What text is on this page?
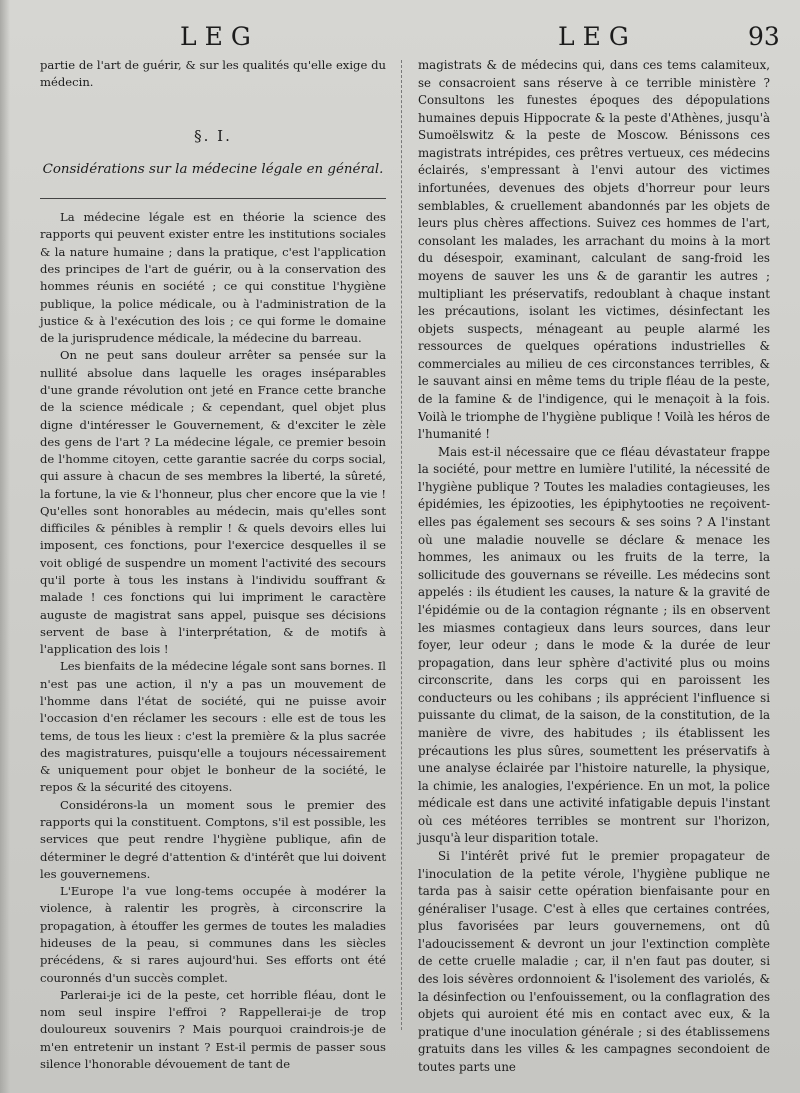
LEG	LEG	93

partie de l'art de guérir, & sur les qualités qu'elle exige du médecin.

§. I.
Considérations sur la médecine légale en général.

La médecine légale est en théorie la science des rapports qui peuvent exister entre les institutions sociales & la nature humaine ; dans la pratique, c'est l'application des principes de l'art de guérir, ou à la conservation des hommes réunis en société ; ce qui constitue l'hygiène publique, la police médicale, ou à l'administration de la justice & à l'exécution des lois ; ce qui forme le domaine de la jurisprudence médicale, la médecine du barreau.

On ne peut sans douleur arrêter sa pensée sur la nullité absolue dans laquelle les orages inséparables d'une grande révolution ont jeté en France cette branche de la science médicale ; & cependant, quel objet plus digne d'intéresser le Gouvernement, & d'exciter le zèle des gens de l'art ? La médecine légale, ce premier besoin de l'homme citoyen, cette garantie sacrée du corps social, qui assure à chacun de ses membres la liberté, la sûreté, la fortune, la vie & l'honneur, plus cher encore que la vie ! Qu'elles sont honorables au médecin, mais qu'elles sont difficiles & pénibles à remplir ! & quels devoirs elles lui imposent, ces fonctions, pour l'exercice desquelles il se voit obligé de suspendre un moment l'activité des secours qu'il porte à tous les instans à l'individu souffrant & malade ! ces fonctions qui lui impriment le caractère auguste de magistrat sans appel, puisque ses décisions servent de base à l'interprétation, & de motifs à l'application des lois !

Les bienfaits de la médecine légale sont sans bornes. Il n'est pas une action, il n'y a pas un mouvement de l'homme dans l'état de société, qui ne puisse avoir l'occasion d'en réclamer les secours : elle est de tous les tems, de tous les lieux : c'est la première & la plus sacrée des magistratures, puisqu'elle a toujours nécessairement & uniquement pour objet le bonheur de la société, le repos & la sécurité des citoyens.

Considérons-la un moment sous le premier des rapports qui la constituent. Comptons, s'il est possible, les services que peut rendre l'hygiène publique, afin de déterminer le degré d'attention & d'intérêt que lui doivent les gouvernemens.

L'Europe l'a vue long-tems occupée à modérer la violence, à ralentir les progrès, à circonscrire la propagation, à étouffer les germes de toutes les maladies hideuses de la peau, si communes dans les siècles précédens, & si rares aujourd'hui. Ses efforts ont été couronnés d'un succès complet.

Parlerai-je ici de la peste, cet horrible fléau, dont le nom seul inspire l'effroi ? Rappellerai-je de trop douloureux souvenirs ? Mais pourquoi craindrois-je de m'en entretenir un instant ? Est-il permis de passer sous silence l'honorable dévouement de tant de

magistrats & de médecins qui, dans ces tems calamiteux, se consacroient sans réserve à ce terrible ministère ? Consultons les funestes époques des dépopulations humaines depuis Hippocrate & la peste d'Athènes, jusqu'à Sumoëlswitz & la peste de Moscow. Bénissons ces magistrats intrépides, ces prêtres vertueux, ces médecins éclairés, s'empressant à l'envi autour des victimes infortunées, devenues des objets d'horreur pour leurs semblables, & cruellement abandonnés par les objets de leurs plus chères affections. Suivez ces hommes de l'art, consolant les malades, les arrachant du moins à la mort du désespoir, examinant, calculant de sang-froid les moyens de sauver les uns & de garantir les autres ; multipliant les préservatifs, redoublant à chaque instant les précautions, isolant les victimes, désinfectant les objets suspects, ménageant au peuple alarmé les ressources de quelques opérations industrielles & commerciales au milieu de ces circonstances terribles, & le sauvant ainsi en même tems du triple fléau de la peste, de la famine & de l'indigence, qui le menaçoit à la fois. Voilà le triomphe de l'hygiène publique ! Voilà les héros de l'humanité !

Mais est-il nécessaire que ce fléau dévastateur frappe la société, pour mettre en lumière l'utilité, la nécessité de l'hygiène publique ? Toutes les maladies contagieuses, les épidémies, les épizooties, les épiphytooties ne reçoivent-elles pas également ses secours & ses soins ? A l'instant où une maladie nouvelle se déclare & menace les hommes, les animaux ou les fruits de la terre, la sollicitude des gouvernans se réveille. Les médecins sont appelés : ils étudient les causes, la nature & la gravité de l'épidémie ou de la contagion régnante ; ils en observent les miasmes contagieux dans leurs sources, dans leur foyer, leur odeur ; dans le mode & la durée de leur propagation, dans leur sphère d'activité plus ou moins circonscrite, dans les corps qui en paroissent les conducteurs ou les cohibans ; ils apprécient l'influence si puissante du climat, de la saison, de la constitution, de la manière de vivre, des habitudes ; ils établissent les précautions les plus sûres, soumettent les préservatifs à une analyse éclairée par l'histoire naturelle, la physique, la chimie, les analogies, l'expérience. En un mot, la police médicale est dans une activité infatigable depuis l'instant où ces météores terribles se montrent sur l'horizon, jusqu'à leur disparition totale.

Si l'intérêt privé fut le premier propagateur de l'inoculation de la petite vérole, l'hygiène publique ne tarda pas à saisir cette opération bienfaisante pour en généraliser l'usage. C'est à elles que certaines contrées, plus favorisées par leurs gouvernemens, ont dû l'adoucissement & devront un jour l'extinction complète de cette cruelle maladie ; car, il n'en faut pas douter, si des lois sévères ordonnoient & l'isolement des variolés, & la désinfection ou l'enfouissement, ou la conflagration des objets qui auroient été mis en contact avec eux, & la pratique d'une inoculation générale ; si des établissemens gratuits dans les villes & les campagnes secondoient de toutes parts une
